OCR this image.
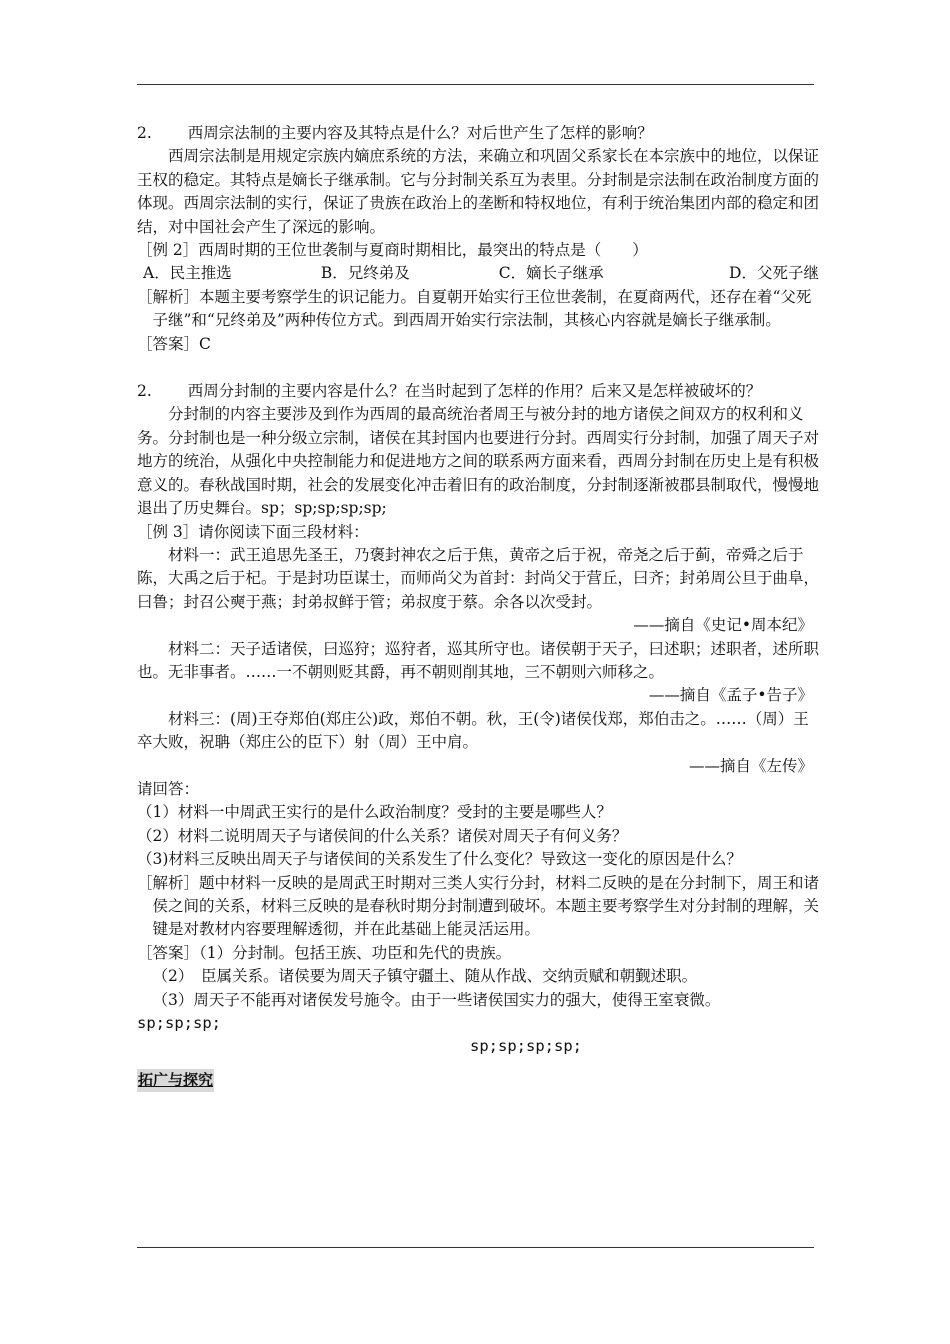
2.　　 西周宗法制的主要内容及其特点是什么？对后世产生了怎样的影响？

西周宗法制是用规定宗族内嫡庶系统的方法，来确立和巩固父系家长在本宗族中的地位，以保证王权的稳定。其特点是嫡长子继承制。它与分封制关系互为表里。分封制是宗法制在政治制度方面的体现。西周宗法制的实行，保证了贵族在政治上的垄断和特权地位，有利于统治集团内部的稳定和团结，对中国社会产生了深远的影响。

［例 2］西周时期的王位世袭制与夏商时期相比，最突出的特点是（　　）

A．民主推选	B．兄终弟及	C．嫡长子继承	D．父死子继

［解析］本题主要考察学生的识记能力。自夏朝开始实行王位世袭制，在夏商两代，还存在着“父死子继”和“兄终弟及”两种传位方式。到西周开始实行宗法制，其核心内容就是嫡长子继承制。

［答案］C

2.　　 西周分封制的主要内容是什么？在当时起到了怎样的作用？后来又是怎样被破坏的？

分封制的内容主要涉及到作为西周的最高统治者周王与被分封的地方诸侯之间双方的权利和义务。分封制也是一种分级立宗制，诸侯在其封国内也要进行分封。西周实行分封制，加强了周天子对地方的统治，从强化中央控制能力和促进地方之间的联系两方面来看，西周分封制在历史上是有积极意义的。春秋战国时期，社会的发展变化冲击着旧有的政治制度，分封制逐渐被郡县制取代，慢慢地退出了历史舞台。sp；sp;sp;sp;sp;

［例 3］请你阅读下面三段材料：

材料一：武王追思先圣王，乃褒封神农之后于焦，黄帝之后于祝，帝尧之后于蓟，帝舜之后于陈，大禹之后于杞。于是封功臣谋士，而师尚父为首封：封尚父于营丘，曰齐；封弟周公旦于曲阜，曰鲁；封召公奭于燕；封弟叔鲜于管；弟叔度于蔡。余各以次受封。

——摘自《史记•周本纪》

材料二：天子适诸侯，曰巡狩；巡狩者，巡其所守也。诸侯朝于天子，曰述职；述职者，述所职也。无非事者。……一不朝则贬其爵，再不朝则削其地，三不朝则六师移之。

——摘自《孟子•告子》

材料三：(周)王夺郑伯(郑庄公)政，郑伯不朝。秋，王(令)诸侯伐郑，郑伯击之。……（周）王卒大败，祝聃（郑庄公的臣下）射（周）王中肩。

——摘自《左传》

请回答：

（1）材料一中周武王实行的是什么政治制度？受封的主要是哪些人？

（2）材料二说明周天子与诸侯间的什么关系？诸侯对周天子有何义务？

（3)材料三反映出周天子与诸侯间的关系发生了什么变化？导致这一变化的原因是什么？

［解析］题中材料一反映的是周武王时期对三类人实行分封，材料二反映的是在分封制下，周王和诸侯之间的关系，材料三反映的是春秋时期分封制遭到破坏。本题主要考察学生对分封制的理解，关键是对教材内容要理解透彻，并在此基础上能灵活运用。

［答案］（1）分封制。包括王族、功臣和先代的贵族。

（2）　臣属关系。诸侯要为周天子镇守疆土、随从作战、交纳贡赋和朝觐述职。

（3）周天子不能再对诸侯发号施令。由于一些诸侯国实力的强大，使得王室衰微。

sp;sp;sp;

sp;sp;sp;sp;

拓广与探究
